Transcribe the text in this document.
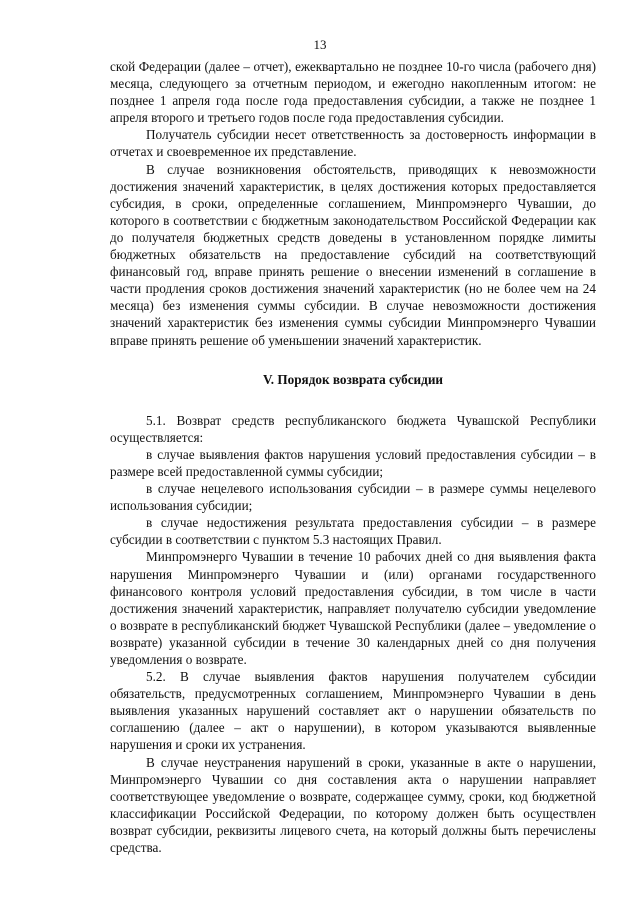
13

ской Федерации (далее – отчет), ежеквартально не позднее 10-го числа (рабочего дня) месяца, следующего за отчетным периодом, и ежегодно накопленным итогом: не позднее 1 апреля года после года предоставления субсидии, а также не позднее 1 апреля второго и третьего годов после года предоставления субсидии.

Получатель субсидии несет ответственность за достоверность информации в отчетах и своевременное их представление.

В случае возникновения обстоятельств, приводящих к невозможности достижения значений характеристик, в целях достижения которых предоставляется субсидия, в сроки, определенные соглашением, Минпромэнерго Чувашии, до которого в соответствии с бюджетным законодательством Российской Федерации как до получателя бюджетных средств доведены в установленном порядке лимиты бюджетных обязательств на предоставление субсидий на соответствующий финансовый год, вправе принять решение о внесении изменений в соглашение в части продления сроков достижения значений характеристик (но не более чем на 24 месяца) без изменения суммы субсидии. В случае невозможности достижения значений характеристик без изменения суммы субсидии Минпромэнерго Чувашии вправе принять решение об уменьшении значений характеристик.

V. Порядок возврата субсидии

5.1. Возврат средств республиканского бюджета Чувашской Республики осуществляется:

в случае выявления фактов нарушения условий предоставления субсидии – в размере всей предоставленной суммы субсидии;

в случае нецелевого использования субсидии – в размере суммы нецелевого использования субсидии;

в случае недостижения результата предоставления субсидии – в размере субсидии в соответствии с пунктом 5.3 настоящих Правил.

Минпромэнерго Чувашии в течение 10 рабочих дней со дня выявления факта нарушения Минпромэнерго Чувашии и (или) органами государственного финансового контроля условий предоставления субсидии, в том числе в части достижения значений характеристик, направляет получателю субсидии уведомление о возврате в республиканский бюджет Чувашской Республики (далее – уведомление о возврате) указанной субсидии в течение 30 календарных дней со дня получения уведомления о возврате.

5.2. В случае выявления фактов нарушения получателем субсидии обязательств, предусмотренных соглашением, Минпромэнерго Чувашии в день выявления указанных нарушений составляет акт о нарушении обязательств по соглашению (далее – акт о нарушении), в котором указываются выявленные нарушения и сроки их устранения.

В случае неустранения нарушений в сроки, указанные в акте о нарушении, Минпромэнерго Чувашии со дня составления акта о нарушении направляет соответствующее уведомление о возврате, содержащее сумму, сроки, код бюджетной классификации Российской Федерации, по которому должен быть осуществлен возврат субсидии, реквизиты лицевого счета, на который должны быть перечислены средства.
